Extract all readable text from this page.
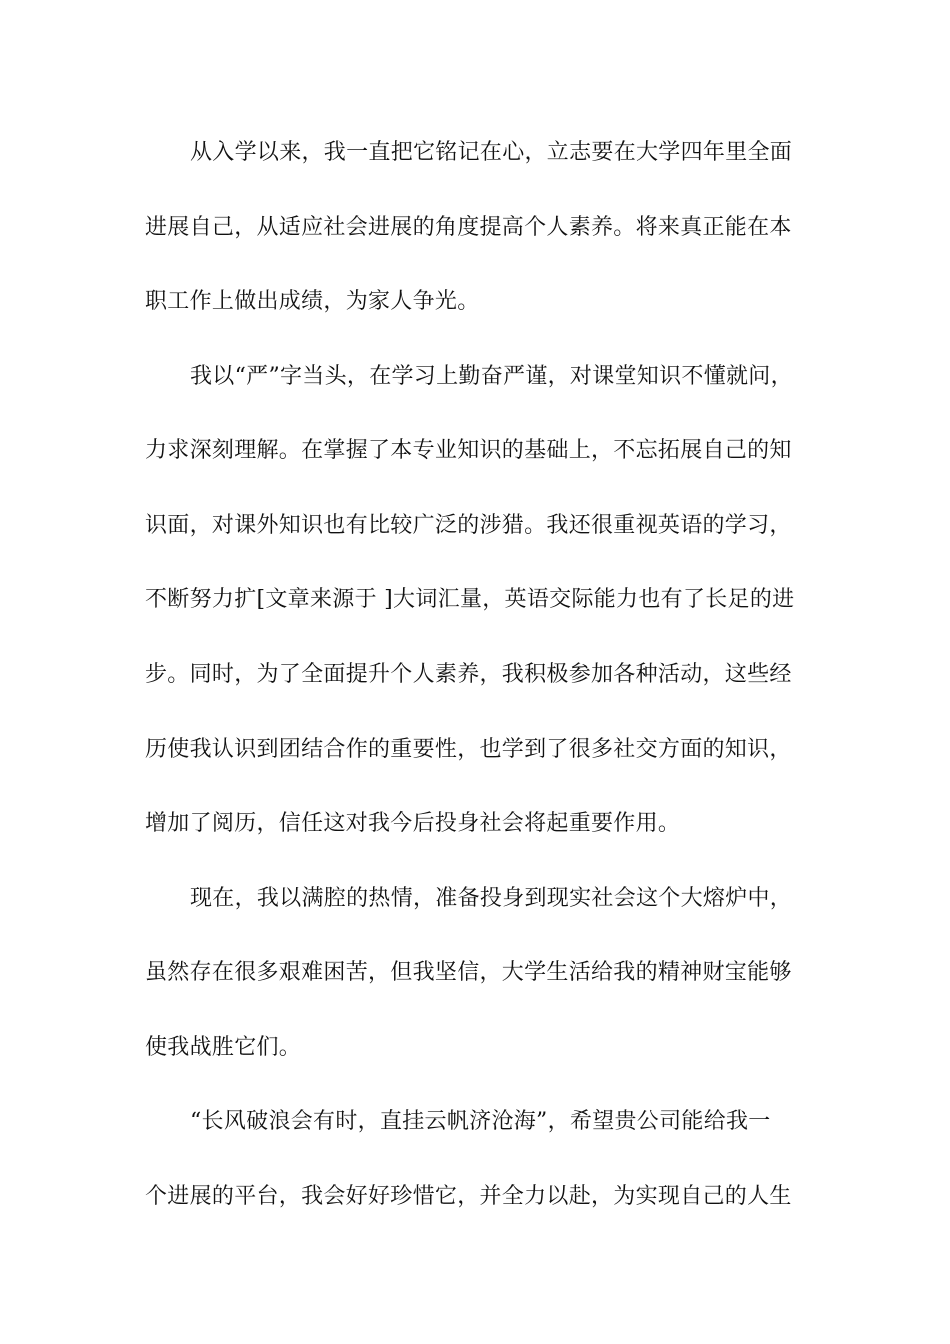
从入学以来，我一直把它铭记在心，立志要在大学四年里全面
进展自己，从适应社会进展的角度提高个人素养。将来真正能在本
职工作上做出成绩，为家人争光。
我以“严”字当头，在学习上勤奋严谨，对课堂知识不懂就问，
力求深刻理解。在掌握了本专业知识的基础上，不忘拓展自己的知
识面，对课外知识也有比较广泛的涉猎。我还很重视英语的学习，
不断努力扩[文章来源于 ]大词汇量，英语交际能力也有了长足的进
步。同时，为了全面提升个人素养，我积极参加各种活动，这些经
历使我认识到团结合作的重要性，也学到了很多社交方面的知识，
增加了阅历，信任这对我今后投身社会将起重要作用。
现在，我以满腔的热情，准备投身到现实社会这个大熔炉中，
虽然存在很多艰难困苦，但我坚信，大学生活给我的精神财宝能够
使我战胜它们。
“长风破浪会有时，直挂云帆济沧海”，希望贵公司能给我一
个进展的平台，我会好好珍惜它，并全力以赴，为实现自己的人生
